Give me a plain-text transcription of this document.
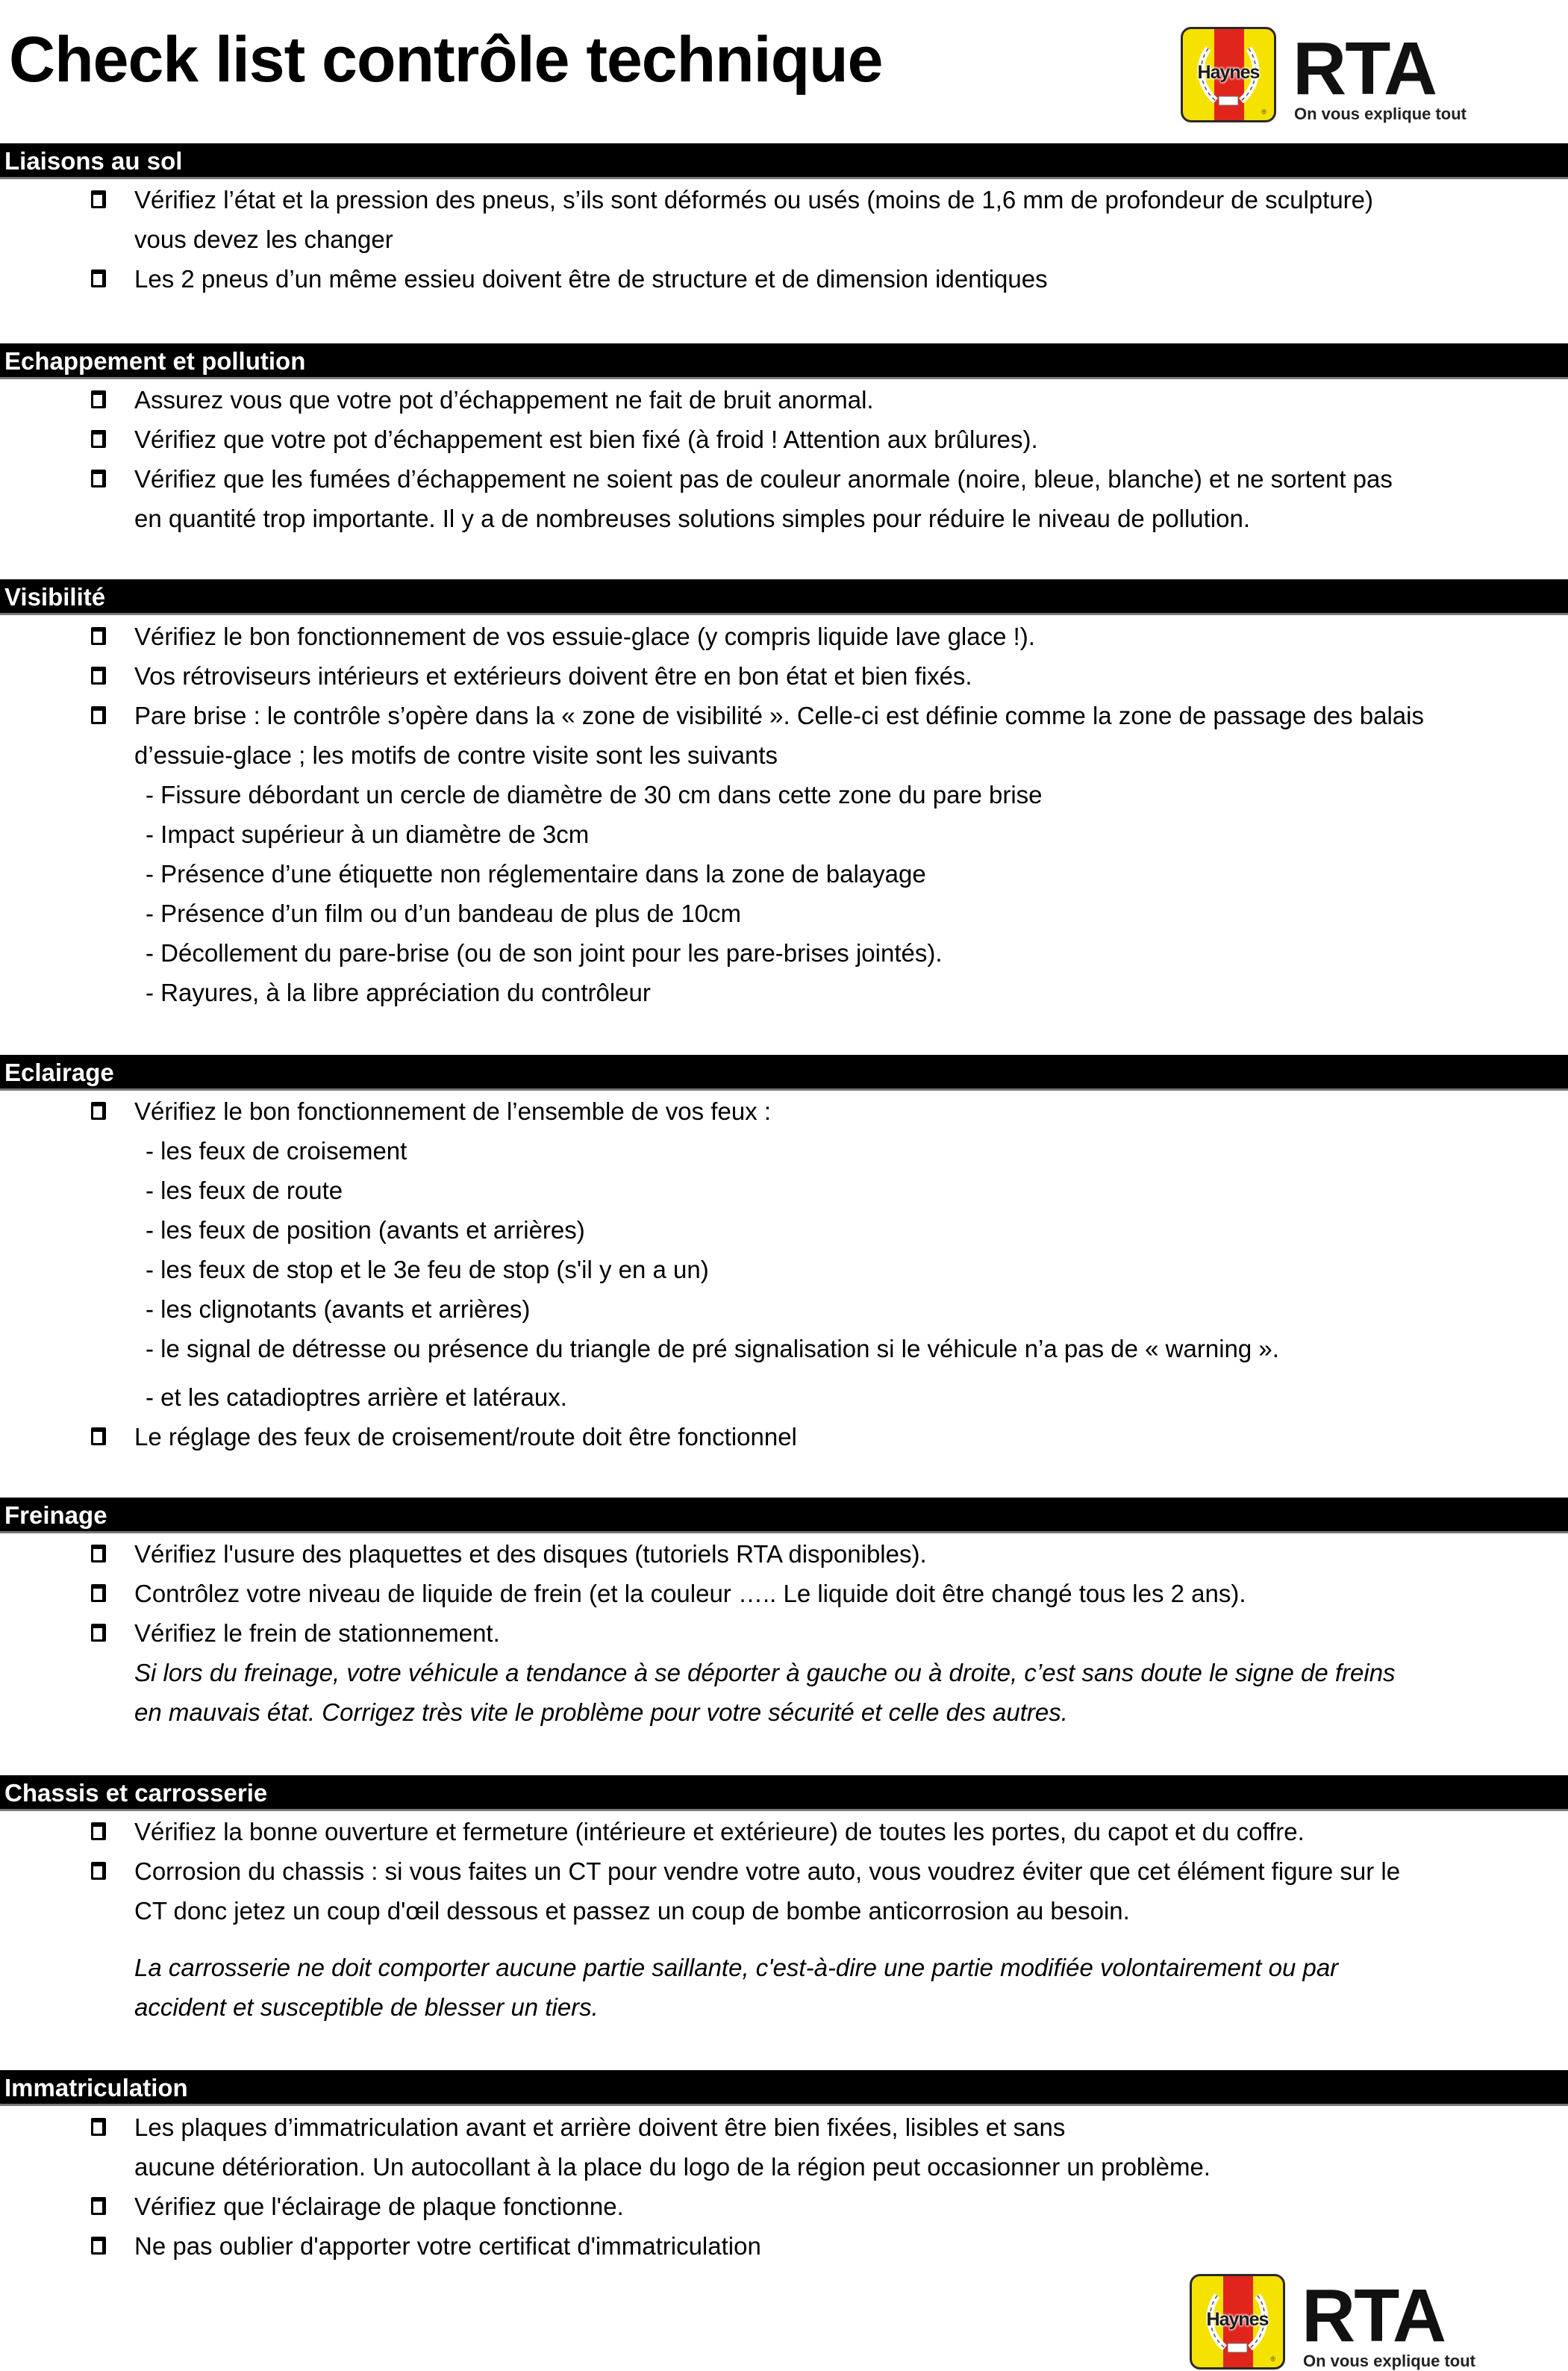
Check list contrôle technique	Haynes
®
RTA
On vous explique tout
Liaisons au sol
Vérifiez l’état et la pression des pneus, s’ils sont déformés ou usés (moins de 1,6 mm de profondeur de sculpture)
vous devez les changer
Les 2 pneus d’un même essieu doivent être de structure et de dimension identiques
Echappement et pollution
Assurez vous que votre pot d’échappement ne fait de bruit anormal.
Vérifiez que votre pot d’échappement est bien fixé (à froid ! Attention aux brûlures).
Vérifiez que les fumées d’échappement ne soient pas de couleur anormale (noire, bleue, blanche) et ne sortent pas
en quantité trop importante. Il y a de nombreuses solutions simples pour réduire le niveau de pollution.
Visibilité
Vérifiez le bon fonctionnement de vos essuie-glace (y compris liquide lave glace !).
Vos rétroviseurs intérieurs et extérieurs doivent être en bon état et bien fixés.
Pare brise : le contrôle s’opère dans la « zone de visibilité ». Celle-ci est définie comme la zone de passage des balais
d’essuie-glace ; les motifs de contre visite sont les suivants
- Fissure débordant un cercle de diamètre de 30 cm dans cette zone du pare brise
- Impact supérieur à un diamètre de 3cm
- Présence d’une étiquette non réglementaire dans la zone de balayage
- Présence d’un film ou d’un bandeau de plus de 10cm
- Décollement du pare-brise (ou de son joint pour les pare-brises jointés).
- Rayures, à la libre appréciation du contrôleur
Eclairage
Vérifiez le bon fonctionnement de l’ensemble de vos feux :
- les feux de croisement
- les feux de route
- les feux de position (avants et arrières)
- les feux de stop et le 3e feu de stop (s'il y en a un)
- les clignotants (avants et arrières)
- le signal de détresse ou présence du triangle de pré signalisation si le véhicule n’a pas de « warning ».
- et les catadioptres arrière et latéraux.
Le réglage des feux de croisement/route doit être fonctionnel
Freinage
Vérifiez l'usure des plaquettes et des disques (tutoriels RTA disponibles).
Contrôlez votre niveau de liquide de frein (et la couleur ….. Le liquide doit être changé tous les 2 ans).
Vérifiez le frein de stationnement.
Si lors du freinage, votre véhicule a tendance à se déporter à gauche ou à droite, c’est sans doute le signe de freins
en mauvais état. Corrigez très vite le problème pour votre sécurité et celle des autres.
Chassis et carrosserie
Vérifiez la bonne ouverture et fermeture (intérieure et extérieure) de toutes les portes, du capot et du coffre.
Corrosion du chassis : si vous faites un CT pour vendre votre auto, vous voudrez éviter que cet élément figure sur le
CT donc jetez un coup d'œil dessous et passez un coup de bombe anticorrosion au besoin.
La carrosserie ne doit comporter aucune partie saillante, c'est-à-dire une partie modifiée volontairement ou par
accident et susceptible de blesser un tiers.
Immatriculation
Les plaques d’immatriculation avant et arrière doivent être bien fixées, lisibles et sans
aucune détérioration. Un autocollant à la place du logo de la région peut occasionner un problème.
Vérifiez que l'éclairage de plaque fonctionne.
Ne pas oublier d'apporter votre certificat d'immatriculation
Haynes
®
RTA
On vous explique tout
